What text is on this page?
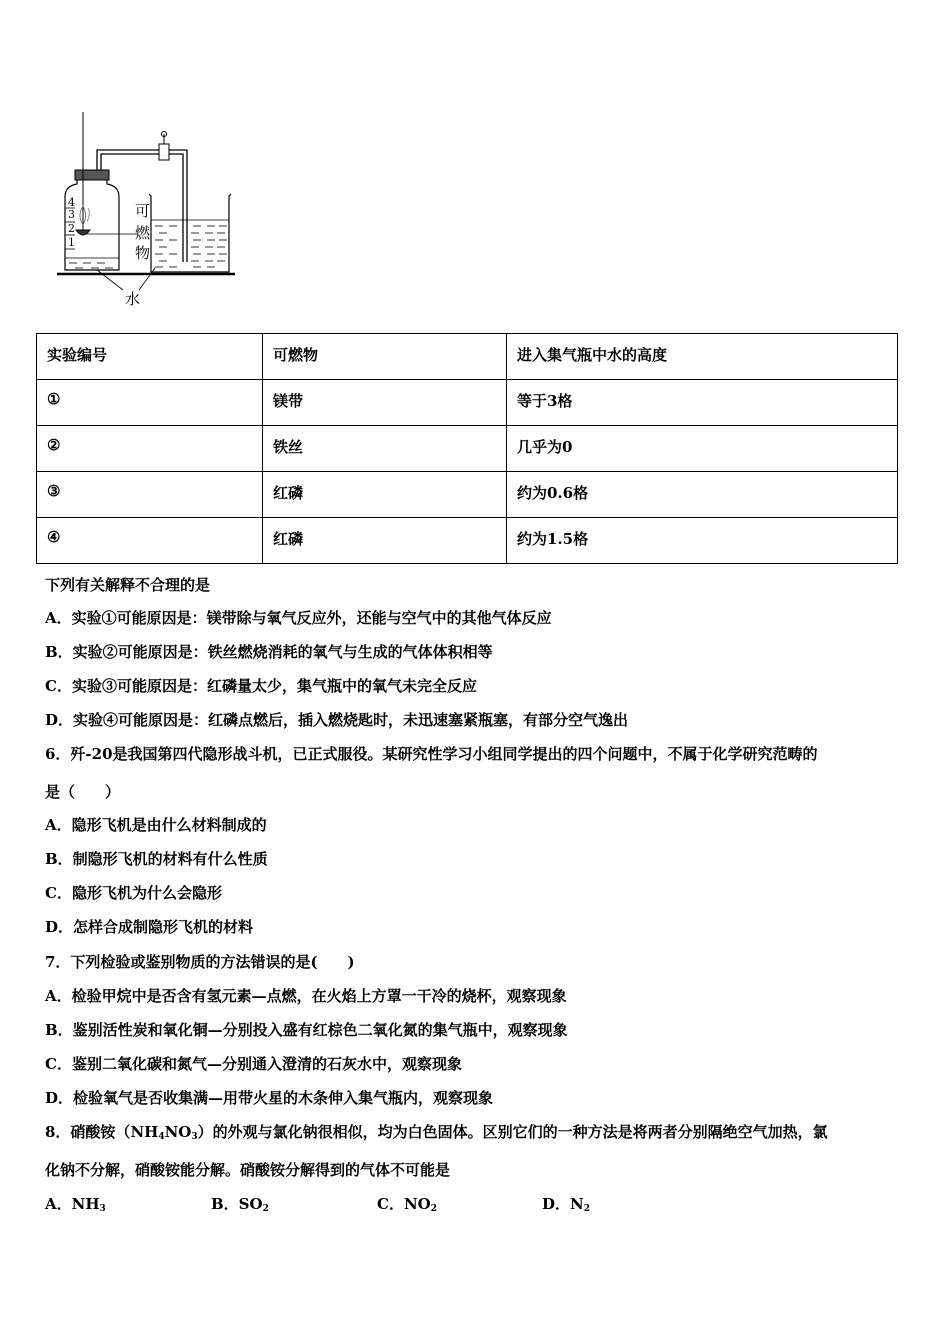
4
3
2
1
可
燃
物
水
实验编号	可燃物	进入集气瓶中水的高度
①	镁带	等于3格
②	铁丝	几乎为0
③	红磷	约为0.6格
④	红磷	约为1.5格
下列有关解释不合理的是
A．实验①可能原因是：镁带除与氧气反应外，还能与空气中的其他气体反应
B．实验②可能原因是：铁丝燃烧消耗的氧气与生成的气体体积相等
C．实验③可能原因是：红磷量太少，集气瓶中的氧气未完全反应
D．实验④可能原因是：红磷点燃后，插入燃烧匙时，未迅速塞紧瓶塞，有部分空气逸出
6．歼-20是我国第四代隐形战斗机，已正式服役。某研究性学习小组同学提出的四个问题中，不属于化学研究范畴的
是（　　）
A．隐形飞机是由什么材料制成的
B．制隐形飞机的材料有什么性质
C．隐形飞机为什么会隐形
D．怎样合成制隐形飞机的材料
7．下列检验或鉴别物质的方法错误的是(　　)
A．检验甲烷中是否含有氢元素—点燃，在火焰上方罩一干冷的烧杯，观察现象
B．鉴别活性炭和氧化铜—分别投入盛有红棕色二氧化氮的集气瓶中，观察现象
C．鉴别二氧化碳和氮气—分别通入澄清的石灰水中，观察现象
D．检验氧气是否收集满—用带火星的木条伸入集气瓶内，观察现象
8．硝酸铵$(NH_4NO_3)$的外观与氯化钠很相似，均为白色固体。区别它们的一种方法是将两者分别隔绝空气加热，氯
化钠不分解，硝酸铵能分解。硝酸铵分解得到的气体不可能是
A．$NH_3$	B．$SO_2$	C．$NO_2$	D．$N_2$
